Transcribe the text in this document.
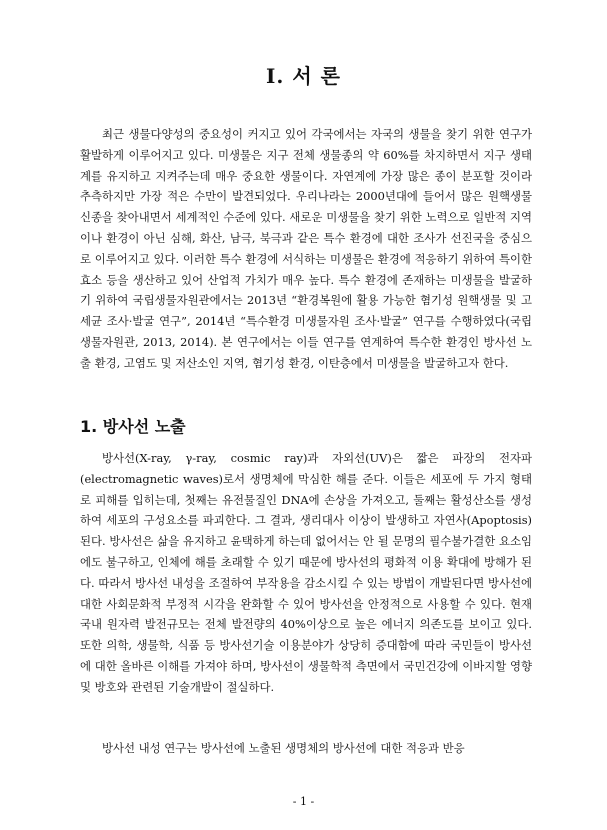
I. 서 론

최근 생물다양성의 중요성이 커지고 있어 각국에서는 자국의 생물을 찾기 위한 연구가 활발하게 이루어지고 있다. 미생물은 지구 전체 생물종의 약 60%를 차지하면서 지구 생태계를 유지하고 지켜주는데 매우 중요한 생물이다. 자연계에 가장 많은 종이 분포할 것이라 추측하지만 가장 적은 수만이 발견되었다. 우리나라는 2000년대에 들어서 많은 원핵생물 신종을 찾아내면서 세계적인 수준에 있다. 새로운 미생물을 찾기 위한 노력으로 일반적 지역이나 환경이 아닌 심해, 화산, 남극, 북극과 같은 특수 환경에 대한 조사가 선진국을 중심으로 이루어지고 있다. 이러한 특수 환경에 서식하는 미생물은 환경에 적응하기 위하여 특이한 효소 등을 생산하고 있어 산업적 가치가 매우 높다. 특수 환경에 존재하는 미생물을 발굴하기 위하여 국립생물자원관에서는 2013년 “환경복원에 활용 가능한 혐기성 원핵생물 및 고세균 조사·발굴 연구”, 2014년 “특수환경 미생물자원 조사·발굴” 연구를 수행하였다(국립생물자원관, 2013, 2014). 본 연구에서는 이들 연구를 연계하여 특수한 환경인 방사선 노출 환경, 고염도 및 저산소인 지역, 혐기성 환경, 이탄층에서 미생물을 발굴하고자 한다.

1. 방사선 노출

방사선(X-ray, γ-ray, cosmic ray)과 자외선(UV)은 짧은 파장의 전자파(electromagnetic waves)로서 생명체에 막심한 해를 준다. 이들은 세포에 두 가지 형태로 피해를 입히는데, 첫째는 유전물질인 DNA에 손상을 가져오고, 둘째는 활성산소를 생성하여 세포의 구성요소를 파괴한다. 그 결과, 생리대사 이상이 발생하고 자연사(Apoptosis) 된다. 방사선은 삶을 유지하고 윤택하게 하는데 없어서는 안 될 문명의 필수불가결한 요소임에도 불구하고, 인체에 해를 초래할 수 있기 때문에 방사선의 평화적 이용 확대에 방해가 된다. 따라서 방사선 내성을 조절하여 부작용을 감소시킬 수 있는 방법이 개발된다면 방사선에 대한 사회문화적 부정적 시각을 완화할 수 있어 방사선을 안정적으로 사용할 수 있다. 현재 국내 원자력 발전규모는 전체 발전량의 40%이상으로 높은 에너지 의존도를 보이고 있다. 또한 의학, 생물학, 식품 등 방사선기술 이용분야가 상당히 증대함에 따라 국민들이 방사선에 대한 올바른 이해를 가져야 하며, 방사선이 생물학적 측면에서 국민건강에 이바지할 영향 및 방호와 관련된 기술개발이 절실하다.

방사선 내성 연구는 방사선에 노출된 생명체의 방사선에 대한 적응과 반응

- 1 -
